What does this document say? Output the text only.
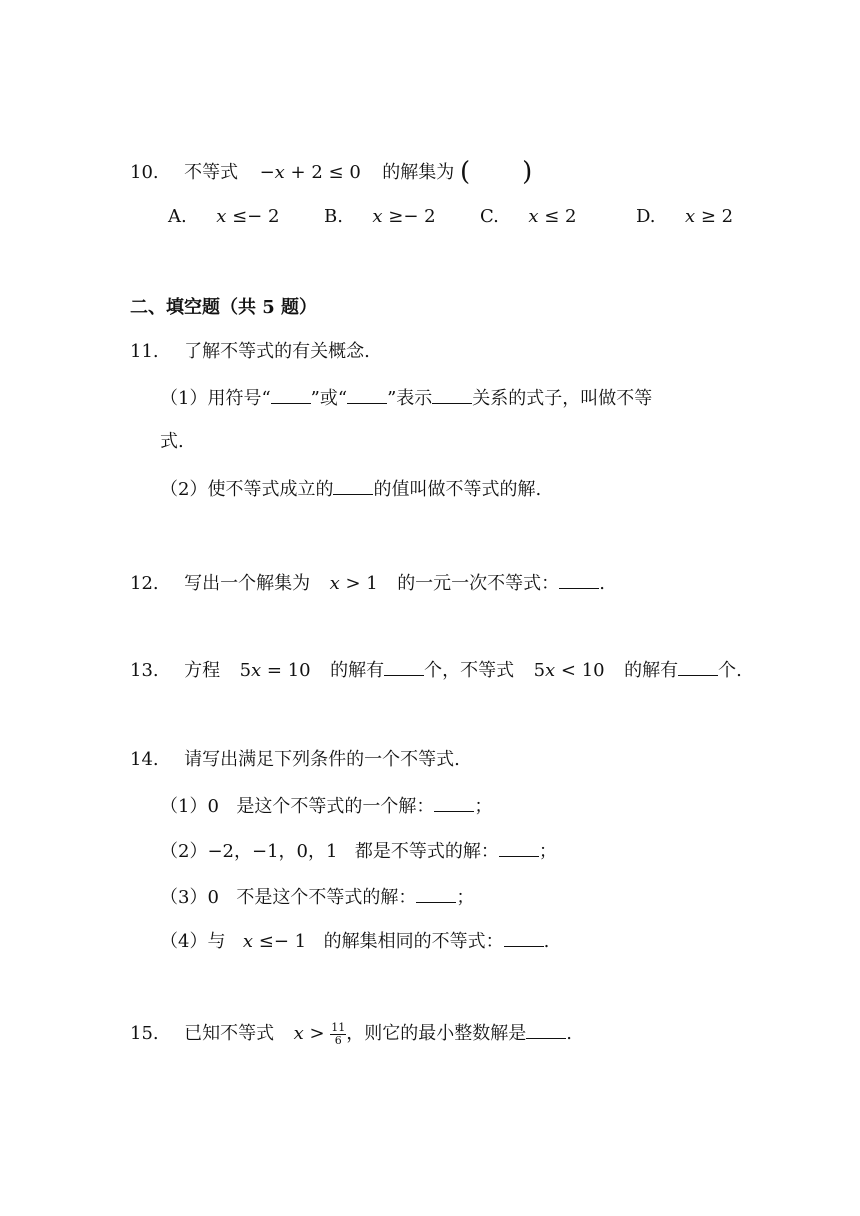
10. 不等式 −𝑥 + 2 ≤ 0 的解集为 (  )
A. 𝑥 ≤− 2 B. 𝑥 ≥− 2 C. 𝑥 ≤ 2	D. 𝑥 ≥ 2
二、填空题（共 5 题）
11. 了解不等式的有关概念.
（1）用符号“ ”或“ ”表示 关系的式子，叫做不等
式.
（2）使不等式成立的 的值叫做不等式的解.
12. 写出一个解集为 𝑥 > 1 的一元一次不等式： .
13. 方程 5𝑥 = 10 的解有 个，不等式 5𝑥 < 10 的解有 个.
14. 请写出满足下列条件的一个不等式.
（1）0 是这个不等式的一个解： ；
（2）−2，−1，0，1 都是不等式的解： ；
（3）0 不是这个不等式的解： ；
（4）与 𝑥 ≤− 1 的解集相同的不等式： .
15. 已知不等式 𝑥 > $\frac{11}{6}$ ，则它的最小整数解是 .
